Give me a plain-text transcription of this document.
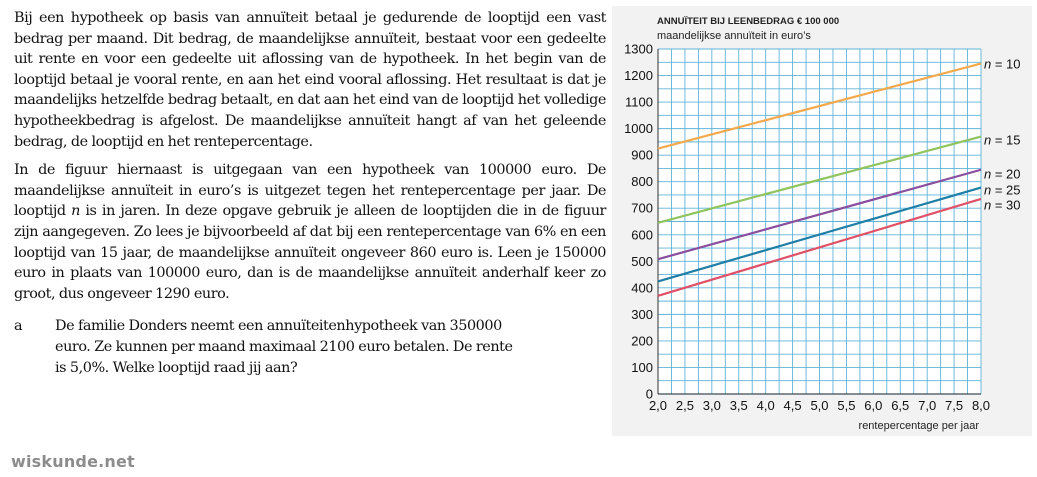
Bij een hypotheek op basis van annuïteit betaal je gedurende de looptijd een vast bedrag per maand. Dit bedrag, de maandelijkse annuïteit, bestaat voor een gedeelte uit rente en voor een gedeelte uit aflossing van de hypotheek. In het begin van de looptijd betaal je vooral rente, en aan het eind vooral aflossing. Het resultaat is dat je maandelijks hetzelfde bedrag betaalt, en dat aan het eind van de looptijd het volledige hypotheekbedrag is afgelost. De maandelijkse annuïteit hangt af van het geleende bedrag, de looptijd en het rentepercentage.

In de figuur hiernaast is uitgegaan van een hypotheek van 100000 euro. De maandelijkse annuïteit in euro’s is uitgezet tegen het rentepercentage per jaar. De looptijd n is in jaren. In deze opgave gebruik je alleen de looptijden die in de figuur zijn aangegeven. Zo lees je bijvoorbeeld af dat bij een rentepercentage van 6% en een looptijd van 15 jaar, de maandelijkse annuïteit ongeveer 860 euro is. Leen je 150000 euro in plaats van 100000 euro, dan is de maandelijkse annuïteit anderhalf keer zo groot, dus ongeveer 1290 euro.

a	De familie Donders neemt een annuïteitenhypotheek van 350000 euro. Ze kunnen per maand maximaal 2100 euro betalen. De rente is 5,0%. Welke looptijd raad jij aan?
wiskunde.net
ANNUÏTEIT BIJ LEENBEDRAG € 100 000
maandelijkse annuïteit in euro’s
0
100
200
300
400
500
600
700
800
900
1000
1100
1200
1300
2,0 2,5 3,0 3,5 4,0 4,5 5,0 5,5 6,0 6,5 7,0 7,5 8,0
n = 10
n = 15
n = 20
n = 25
n = 30
rentepercentage per jaar
